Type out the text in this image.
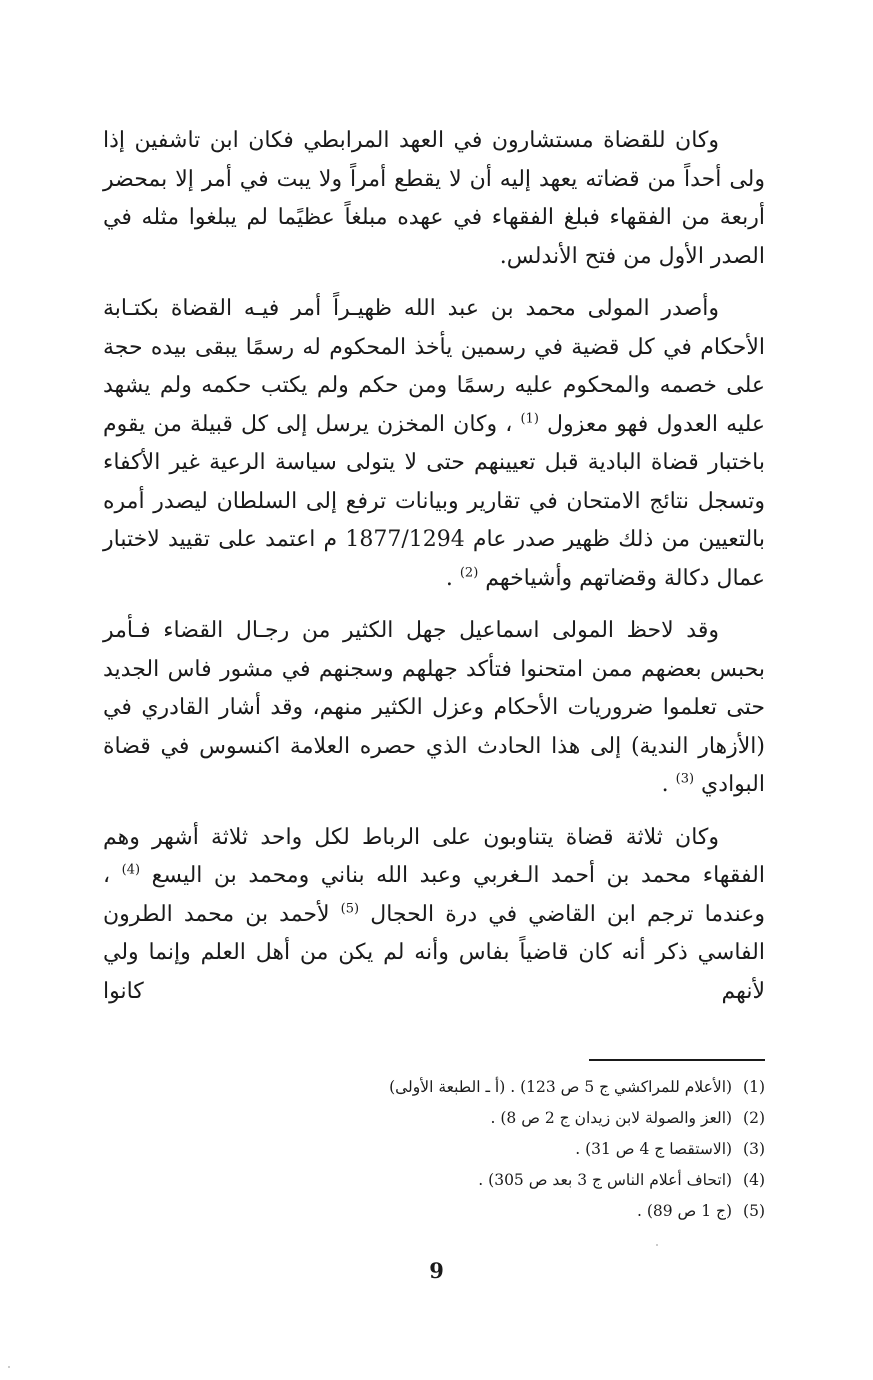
وكان للقضاة مستشارون في العهد المرابطي فكان ابن تاشفين إذا ولى أحداً من قضاته يعهد إليه أن لا يقطع أمراً ولا يبت في أمر إلا بمحضر أربعة من الفقهاء فبلغ الفقهاء في عهده مبلغاً عظيًما لم يبلغوا مثله في الصدر الأول من فتح الأندلس.

وأصدر المولى محمد بن عبد الله ظهيـراً أمر فيـه القضاة بكتـابة الأحكام في كل قضية في رسمين يأخذ المحكوم له رسمًا يبقى بيده حجة على خصمه والمحكوم عليه رسمًا ومن حكم ولم يكتب حكمه ولم يشهد عليه العدول فهو معزول $^{(1)}$ ، وكان المخزن يرسل إلى كل قبيلة من يقوم باختبار قضاة البادية قبل تعيينهم حتى لا يتولى سياسة الرعية غير الأكفاء وتسجل نتائج الامتحان في تقارير وبيانات ترفع إلى السلطان ليصدر أمره بالتعيين من ذلك ظهير صدر عام 1877/1294 م اعتمد على تقييد لاختبار عمال دكالة وقضاتهم وأشياخهم $^{(2)}$ .

وقد لاحظ المولى اسماعيل جهل الكثير من رجـال القضاء فـأمر بحبس بعضهم ممن امتحنوا فتأكد جهلهم وسجنهم في مشور فاس الجديد حتى تعلموا ضروريات الأحكام وعزل الكثير منهم، وقد أشار القادري في (الأزهار الندية) إلى هذا الحادث الذي حصره العلامة اكنسوس في قضاة البوادي $^{(3)}$ .

وكان ثلاثة قضاة يتناوبون على الرباط لكل واحد ثلاثة أشهر وهم الفقهاء محمد بن أحمد الـغربي وعبد الله بناني ومحمد بن اليسع $^{(4)}$ ، وعندما ترجم ابن القاضي في درة الحجال $^{(5)}$ لأحمد بن محمد الطرون الفاسي ذكر أنه كان قاضياً بفاس وأنه لم يكن من أهل العلم وإنما ولي لأنهم كانوا

(1) (الأعلام للمراكشي ج 5 ص 123) . (أ ـ الطبعة الأولى)
(2) (العز والصولة لابن زيدان ج 2 ص 8) .
(3) (الاستقصا ج 4 ص 31) .
(4) (اتحاف أعلام الناس ج 3 بعد ص 305) .
(5) (ج 1 ص 89) .
9
